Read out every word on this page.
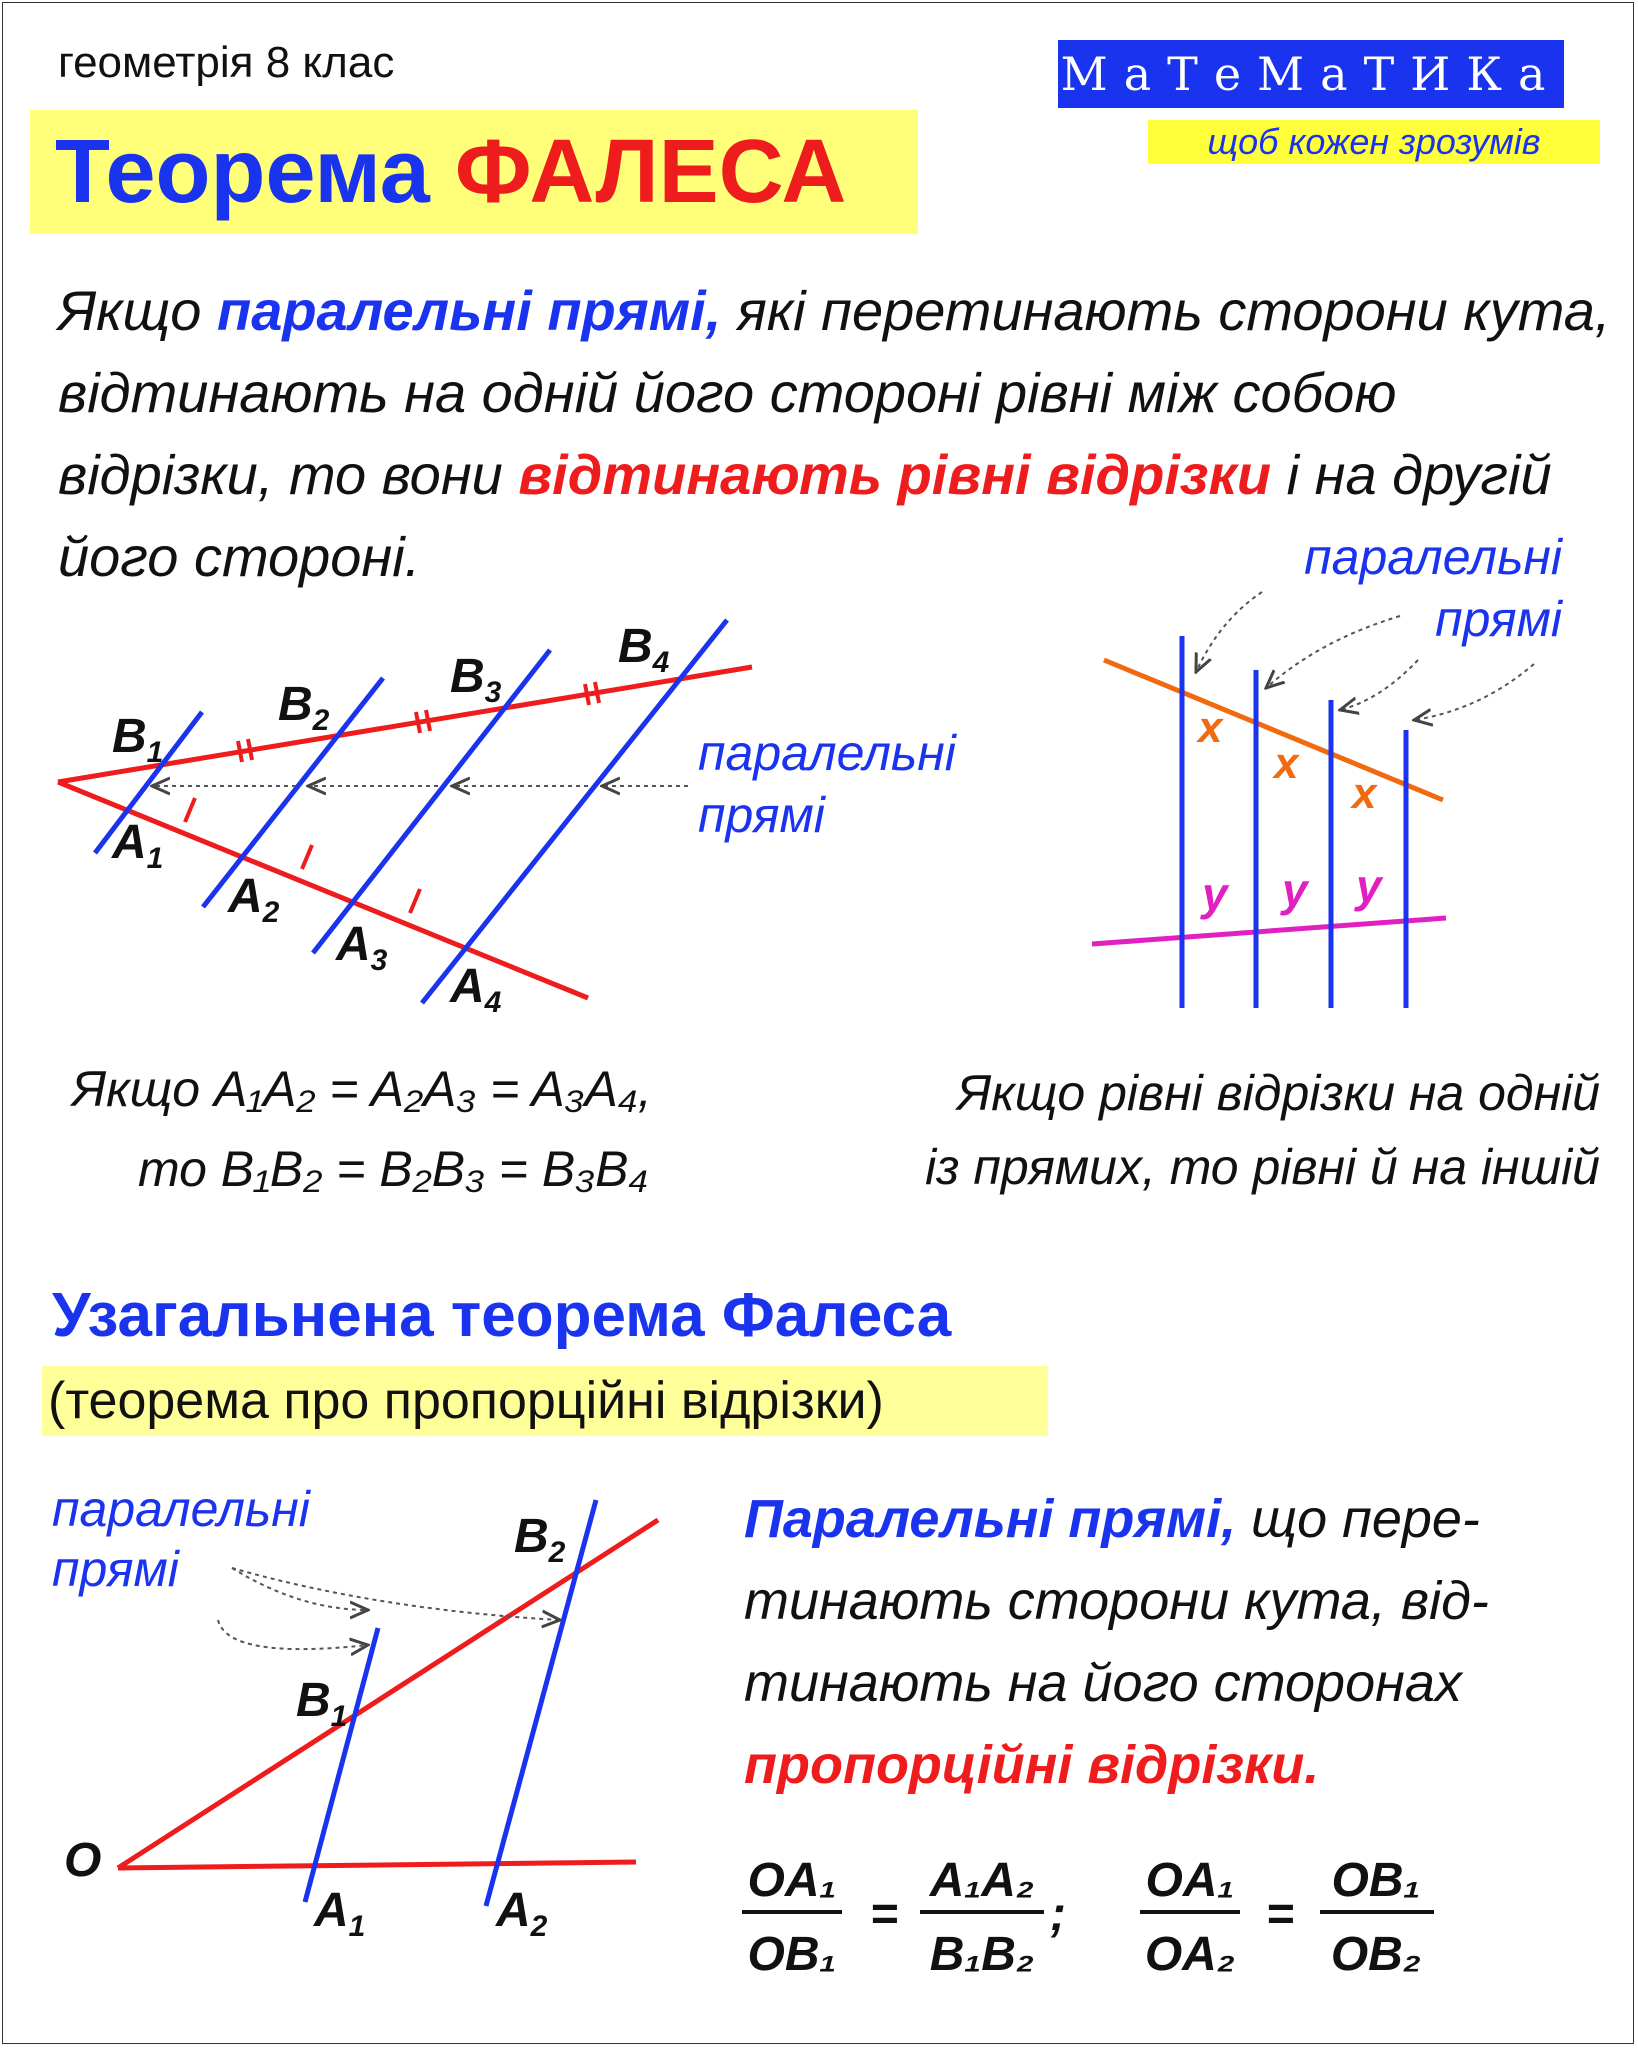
геометрія 8 клас
Теорема ФАЛЕСА
МаТеМаТИКа
щоб кожен зрозумів
Якщо паралельні прямі, які перетинають сторони кута, відтинають на одній його стороні рівні між собою відрізки, то вони відтинають рівні відрізки і на другій його стороні.
$B_1$
$B_2$
$B_3$
$B_4$
$A_1$
$A_2$
$A_3$ $A_4$
паралельні
прямі
x
x
x
y y y
паралельні
прямі
Якщо A₁A₂ = A₂A₃ = A₃A₄,
то B₁B₂ = B₂B₃ = B₃B₄
Якщо рівні відрізки на одній
із прямих, то рівні й на іншій
Узагальнена теорема Фалеса
(теорема про пропорційні відрізки)
Паралельні прямі, що пере-тинають сторони кута, від-тинають на його сторонах пропорційні відрізки.
паралельні
прямі
O
$B_1$
$B_2$
$A_1$	$A_2$
OA₁
OB₁
=
A₁A₂
B₁B₂
;
OA₁
OA₂
=
OB₁
OB₂
